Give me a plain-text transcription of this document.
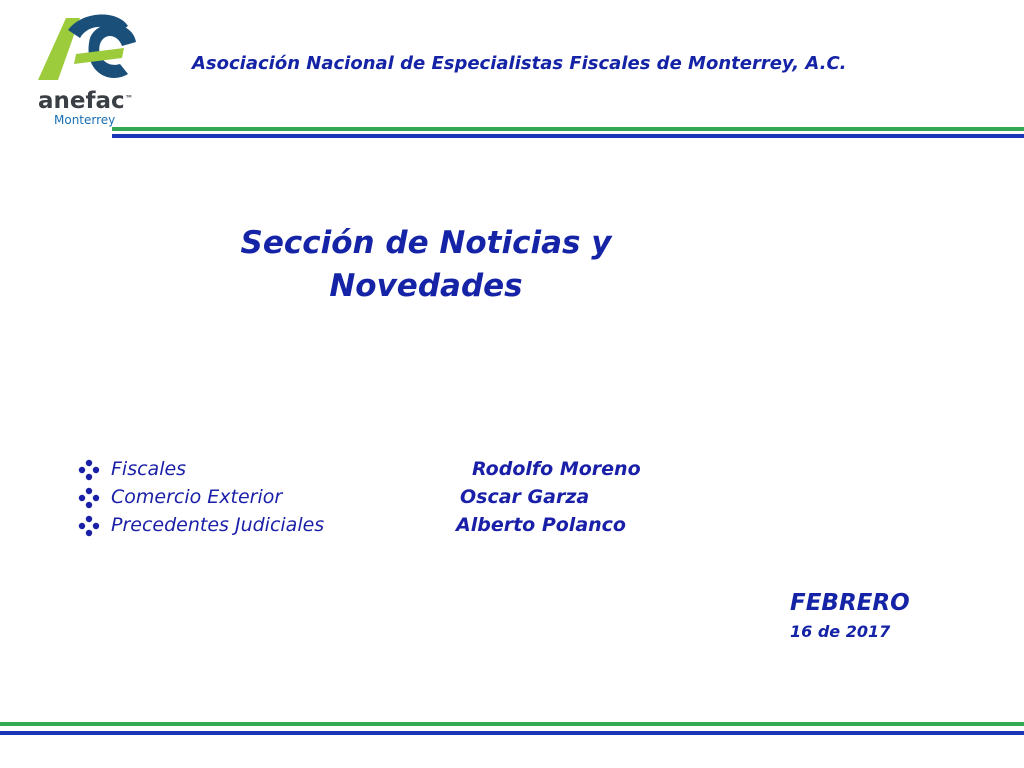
anefac ™
Monterrey
Asociación Nacional de Especialistas Fiscales de Monterrey, A.C.
Sección de Noticias y Novedades
Fiscales	Rodolfo Moreno
Comercio Exterior	Oscar Garza
Precedentes Judiciales	Alberto Polanco
FEBRERO
16 de 2017
